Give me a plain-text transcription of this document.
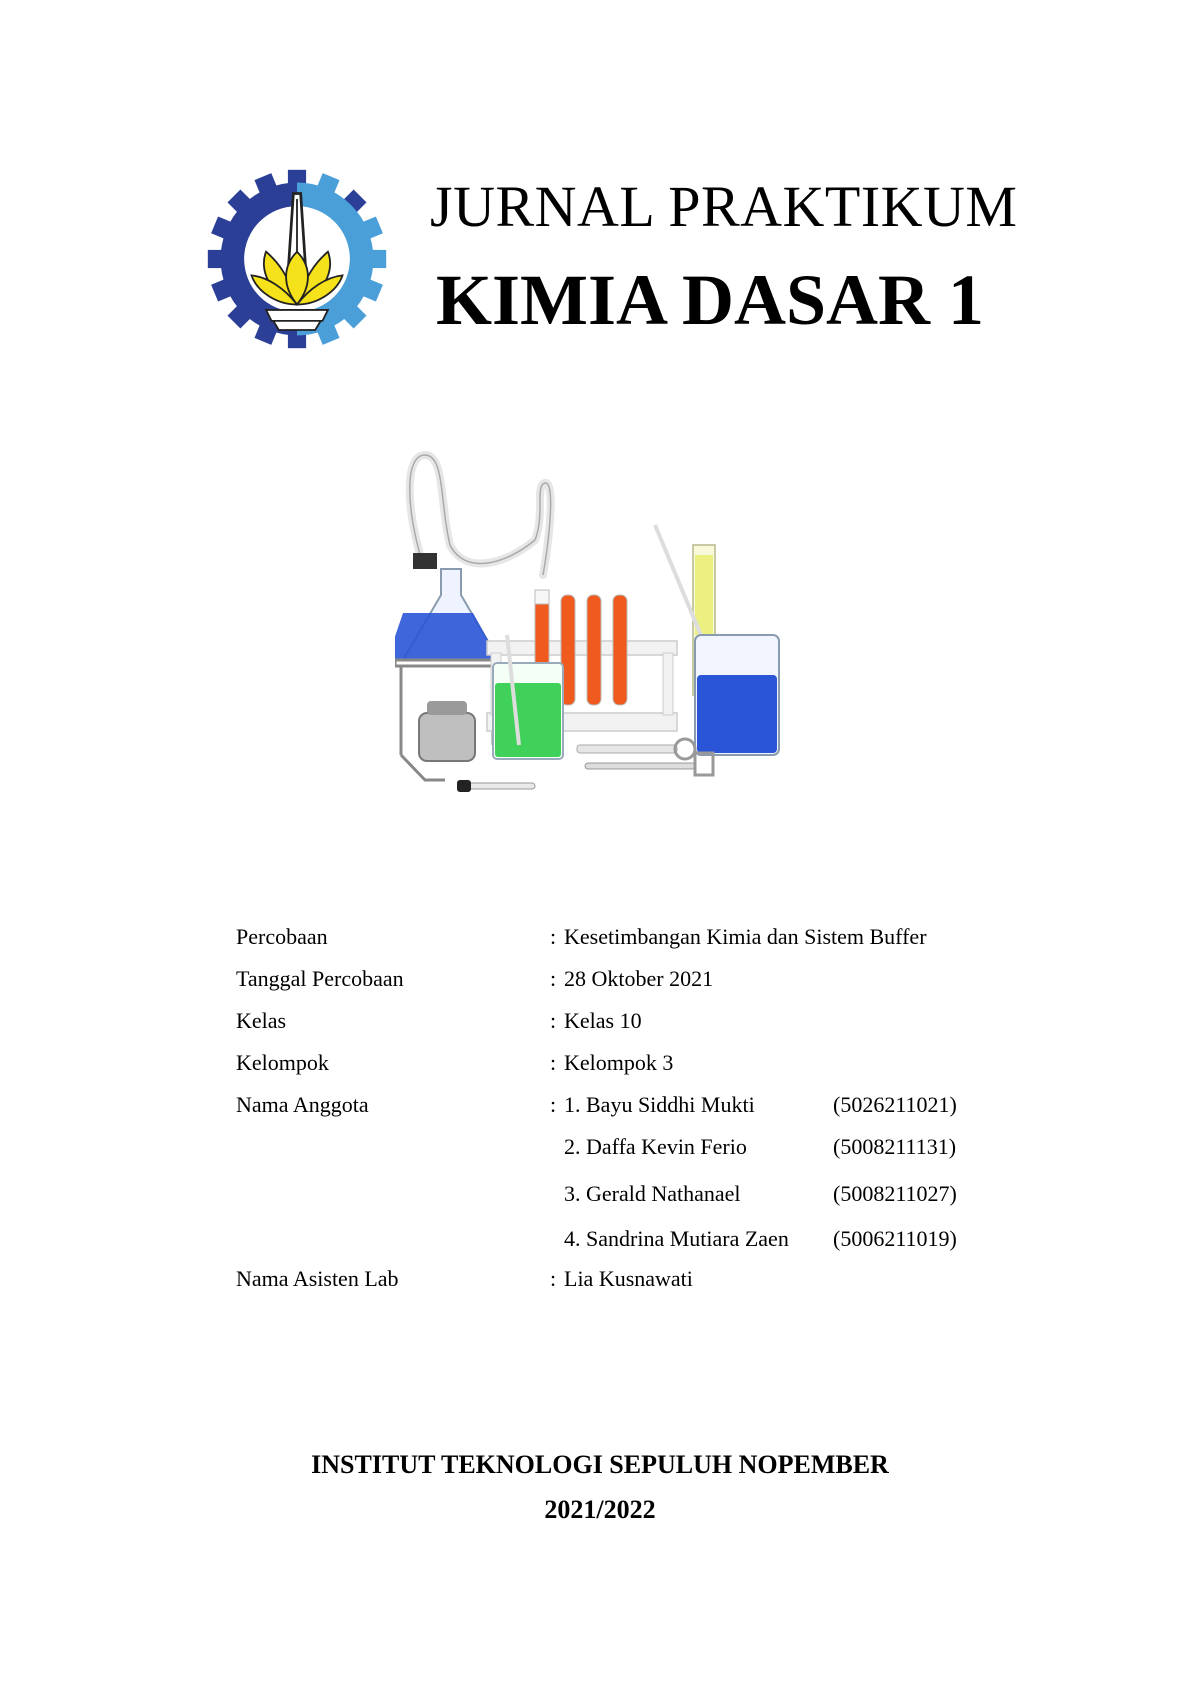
JURNAL PRAKTIKUM
KIMIA DASAR 1
Percobaan	: Kesetimbangan Kimia dan Sistem Buffer
Tanggal Percobaan	: 28 Oktober 2021
Kelas	: Kelas 10
Kelompok	: Kelompok 3
Nama Anggota	: 1. Bayu Siddhi Mukti	(5026211021)
2. Daffa Kevin Ferio	(5008211131)
3. Gerald Nathanael	(5008211027)
4. Sandrina Mutiara Zaen (5006211019)
Nama Asisten Lab	: Lia Kusnawati
INSTITUT TEKNOLOGI SEPULUH NOPEMBER
2021/2022
